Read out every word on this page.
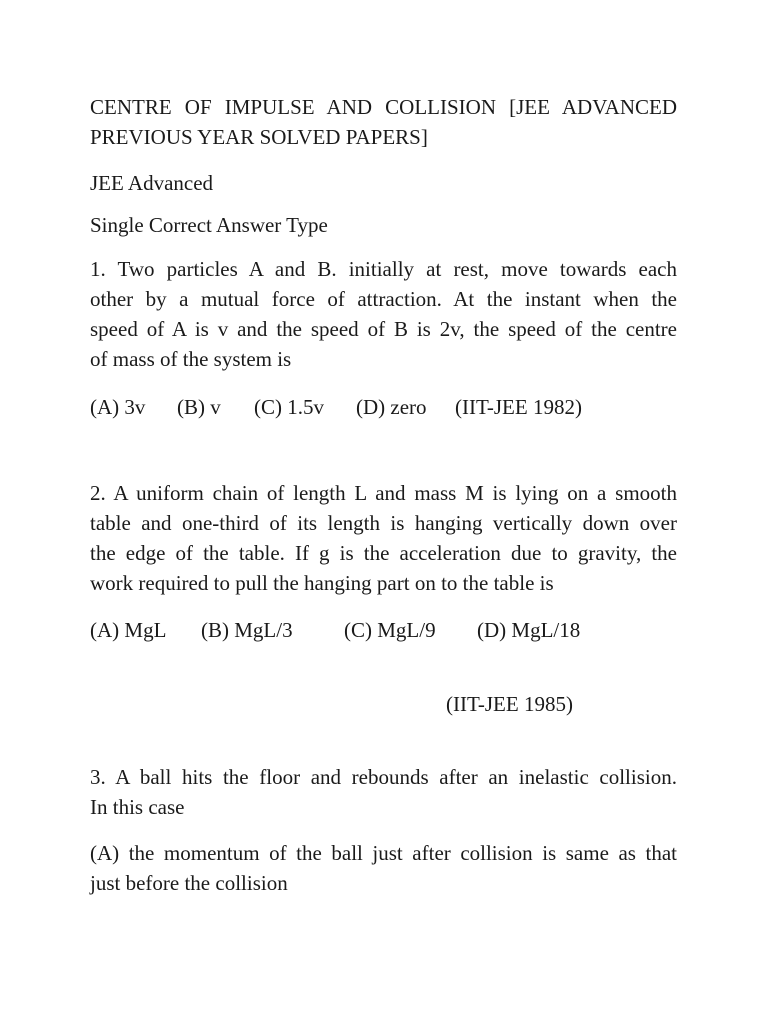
CENTRE OF IMPULSE AND COLLISION [JEE ADVANCED

PREVIOUS YEAR SOLVED PAPERS]

JEE Advanced

Single Correct Answer Type

1. Two particles A and B. initially at rest, move towards each

other by a mutual force of attraction. At the instant when the

speed of A is v and the speed of B is 2v, the speed of the centre

of mass of the system is

(A) 3v (B) v (C) 1.5v (D) zero (IIT-JEE 1982)

2. A uniform chain of length L and mass M is lying on a smooth

table and one-third of its length is hanging vertically down over

the edge of the table. If g is the acceleration due to gravity, the

work required to pull the hanging part on to the table is

(A) MgL (B) MgL/3 (C) MgL/9 (D) MgL/18
(IIT-JEE 1985)

3. A ball hits the floor and rebounds after an inelastic collision.

In this case

(A) the momentum of the ball just after collision is same as that

just before the collision
